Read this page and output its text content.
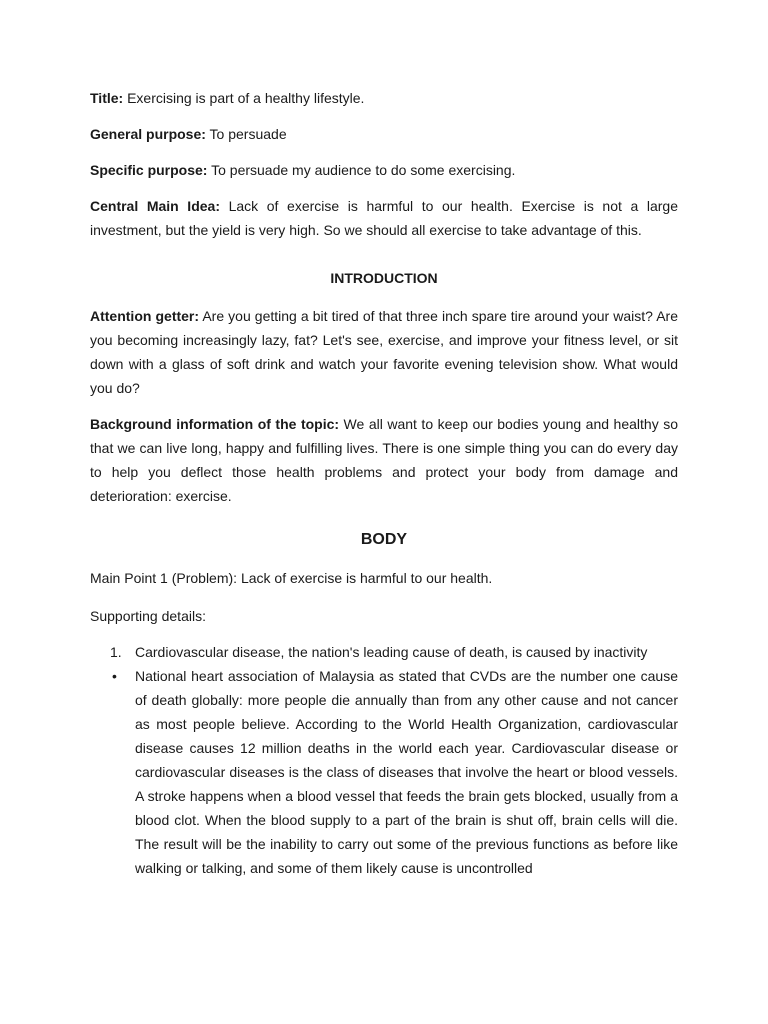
Title: Exercising is part of a healthy lifestyle.

General purpose: To persuade

Specific purpose: To persuade my audience to do some exercising.

Central Main Idea: Lack of exercise is harmful to our health. Exercise is not a large investment, but the yield is very high. So we should all exercise to take advantage of this.

INTRODUCTION

Attention getter: Are you getting a bit tired of that three inch spare tire around your waist? Are you becoming increasingly lazy, fat? Let's see, exercise, and improve your fitness level, or sit down with a glass of soft drink and watch your favorite evening television show. What would you do?

Background information of the topic: We all want to keep our bodies young and healthy so that we can live long, happy and fulfilling lives. There is one simple thing you can do every day to help you deflect those health problems and protect your body from damage and deterioration: exercise.

BODY

Main Point 1 (Problem): Lack of exercise is harmful to our health.

Supporting details:

1. Cardiovascular disease, the nation's leading cause of death, is caused by inactivity
• National heart association of Malaysia as stated that CVDs are the number one cause of death globally: more people die annually than from any other cause and not cancer as most people believe. According to the World Health Organization, cardiovascular disease causes 12 million deaths in the world each year. Cardiovascular disease or cardiovascular diseases is the class of diseases that involve the heart or blood vessels. A stroke happens when a blood vessel that feeds the brain gets blocked, usually from a blood clot. When the blood supply to a part of the brain is shut off, brain cells will die. The result will be the inability to carry out some of the previous functions as before like walking or talking, and some of them likely cause is uncontrolled
